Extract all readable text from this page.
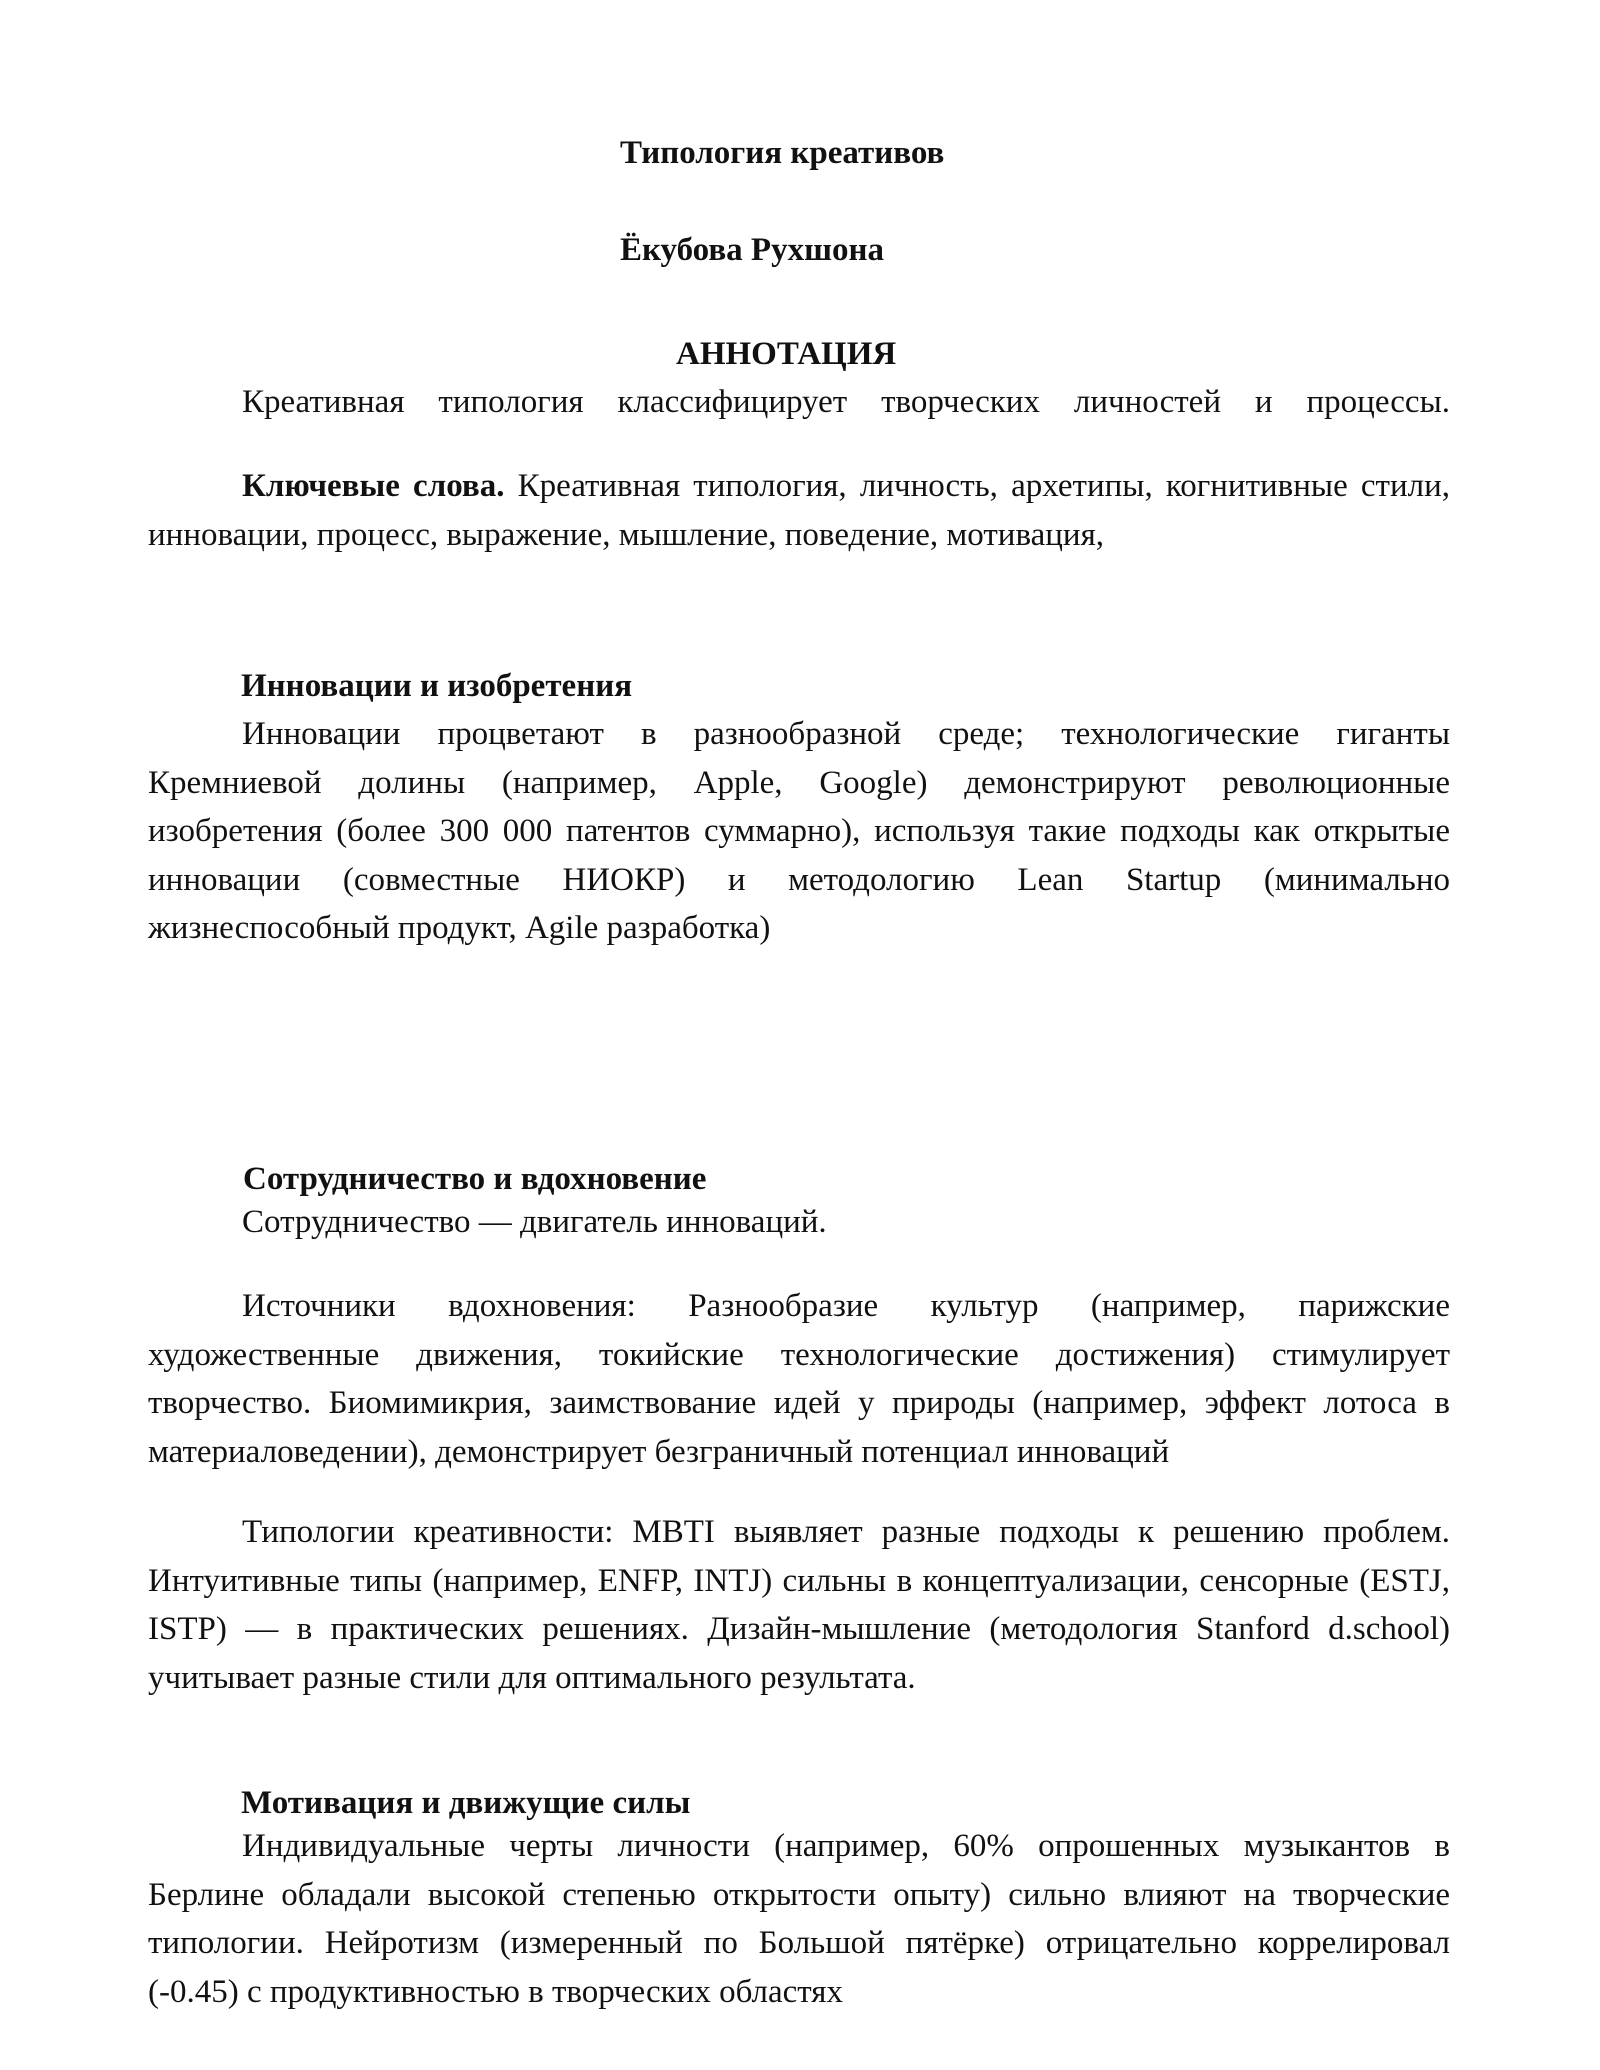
Типология креативов
Ёкубова Рухшона
АННОТАЦИЯ

Креативная типология классифицирует творческих личностей и процессы.

Ключевые слова. Креативная типология, личность, архетипы, когнитивные стили, инновации, процесс, выражение, мышление, поведение, мотивация,

Инновации и изобретения

Инновации процветают в разнообразной среде; технологические гиганты Кремниевой долины (например, Apple, Google) демонстрируют революционные изобретения (более 300 000 патентов суммарно), используя такие подходы как открытые инновации (совместные НИОКР) и методологию Lean Startup (минимально жизнеспособный продукт, Agile разработка)

Сотрудничество и вдохновение

Сотрудничество — двигатель инноваций.

Источники вдохновения: Разнообразие культур (например, парижские художественные движения, токийские технологические достижения) стимулирует творчество. Биомимикрия, заимствование идей у природы (например, эффект лотоса в материаловедении), демонстрирует безграничный потенциал инноваций

Типологии креативности: MBTI выявляет разные подходы к решению проблем. Интуитивные типы (например, ENFP, INTJ) сильны в концептуализации, сенсорные (ESTJ, ISTP) — в практических решениях. Дизайн-мышление (методология Stanford d.school) учитывает разные стили для оптимального результата.

Мотивация и движущие силы

Индивидуальные черты личности (например, 60% опрошенных музыкантов в Берлине обладали высокой степенью открытости опыту) сильно влияют на творческие типологии. Нейротизм (измеренный по Большой пятёрке) отрицательно коррелировал (-0.45) с продуктивностью в творческих областях
